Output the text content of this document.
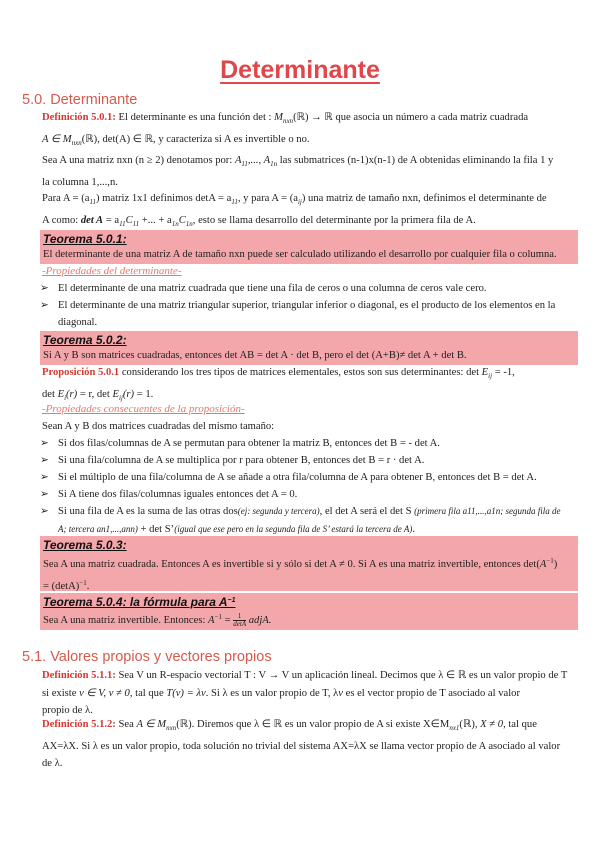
Determinante
5.0. Determinante
Definición 5.0.1: El determinante es una función det : $M_{nxn}(ℝ)$ → ℝ que asocia un número a cada matriz cuadrada
A ∈ $M_{nxn}(ℝ)$, det(A) ∈ ℝ, y caracteriza si A es invertible o no.
Sea A una matriz nxn (n ≥ 2) denotamos por: $A_{11}$,..., $A_{1n}$ las submatrices (n-1)x(n-1) de A obtenidas eliminando la fila 1 y
la columna 1,...,n.
Para $A = (a_{11})$ matriz 1x1 definimos $\det A = a_{11}$, y para $A = (a_{ij})$ una matriz de tamaño nxn, definimos el determinante de
A como: $\det A = a_{11}C_{11}$ +... + $a_{1n}C_{1n}$, esto se llama desarrollo del determinante por la primera fila de A.
Teorema 5.0.1:
El determinante de una matriz A de tamaño nxn puede ser calculado utilizando el desarrollo por cualquier fila o columna.
-Propiedades del determinante-
➢ El determinante de una matriz cuadrada que tiene una fila de ceros o una columna de ceros vale cero.
➢ El determinante de una matriz triangular superior, triangular inferior o diagonal, es el producto de los elementos en la
diagonal.
Teorema 5.0.2:
Si A y B son matrices cuadradas, entonces det AB = det A · det B, pero el det (A+B)≠ det A + det B.
Proposición 5.0.1 considerando los tres tipos de matrices elementales, estos son sus determinantes: $\det E_{ij} = -1$,
$\det E_i(r) = r$, $\det E_{ij}(r) = 1$.
-Propiedades consecuentes de la proposición-
Sean A y B dos matrices cuadradas del mismo tamaño:
➢ Si dos filas/columnas de A se permutan para obtener la matriz B, entonces det B = - det A.
➢ Si una fila/columna de A se multiplica por r para obtener B, entonces det B = r · det A.
➢ Si el múltiplo de una fila/columna de A se añade a otra fila/columna de A para obtener B, entonces det B = det A.
➢ Si A tiene dos filas/columnas iguales entonces det A = 0.
➢ Si una fila de A es la suma de las otras dos(ej: segunda y tercera), el det A será el det S (primera fila a11,...,a1n; segunda fila de
A; tercera an1,...,ann) + det S’(igual que ese pero en la segunda fila de S’ estará la tercera de A).
Teorema 5.0.3:
Sea A una matriz cuadrada. Entonces A es invertible si y sólo si det A ≠ 0. Si A es una matriz invertible, entonces $\det(A^{-1})$
= $(\det A)^{-1}$.
Teorema 5.0.4: la fórmula para $A^{-1}$
Sea A una matriz invertible. Entonces: $A^{-1} = 1$
detA adjA.
5.1. Valores propios y vectores propios
Definición 5.1.1: Sea V un R-espacio vectorial T : V → V un aplicación lineal. Decimos que λ ∈ ℝ es un valor propio de T
si existe v ∈ V, v ≠ 0, tal que T(v) = λv. Si λ es un valor propio de T, λv es el vector propio de T asociado al valor
propio de λ.
Definición 5.1.2: Sea A ∈ $M_{nxn}(ℝ)$. Diremos que λ ∈ ℝ es un valor propio de A si existe $X\in M_{nx1}(ℝ)$, X ≠ 0, tal que
AX=λX. Si λ es un valor propio, toda solución no trivial del sistema AX=λX se llama vector propio de A asociado al valor
de λ.
